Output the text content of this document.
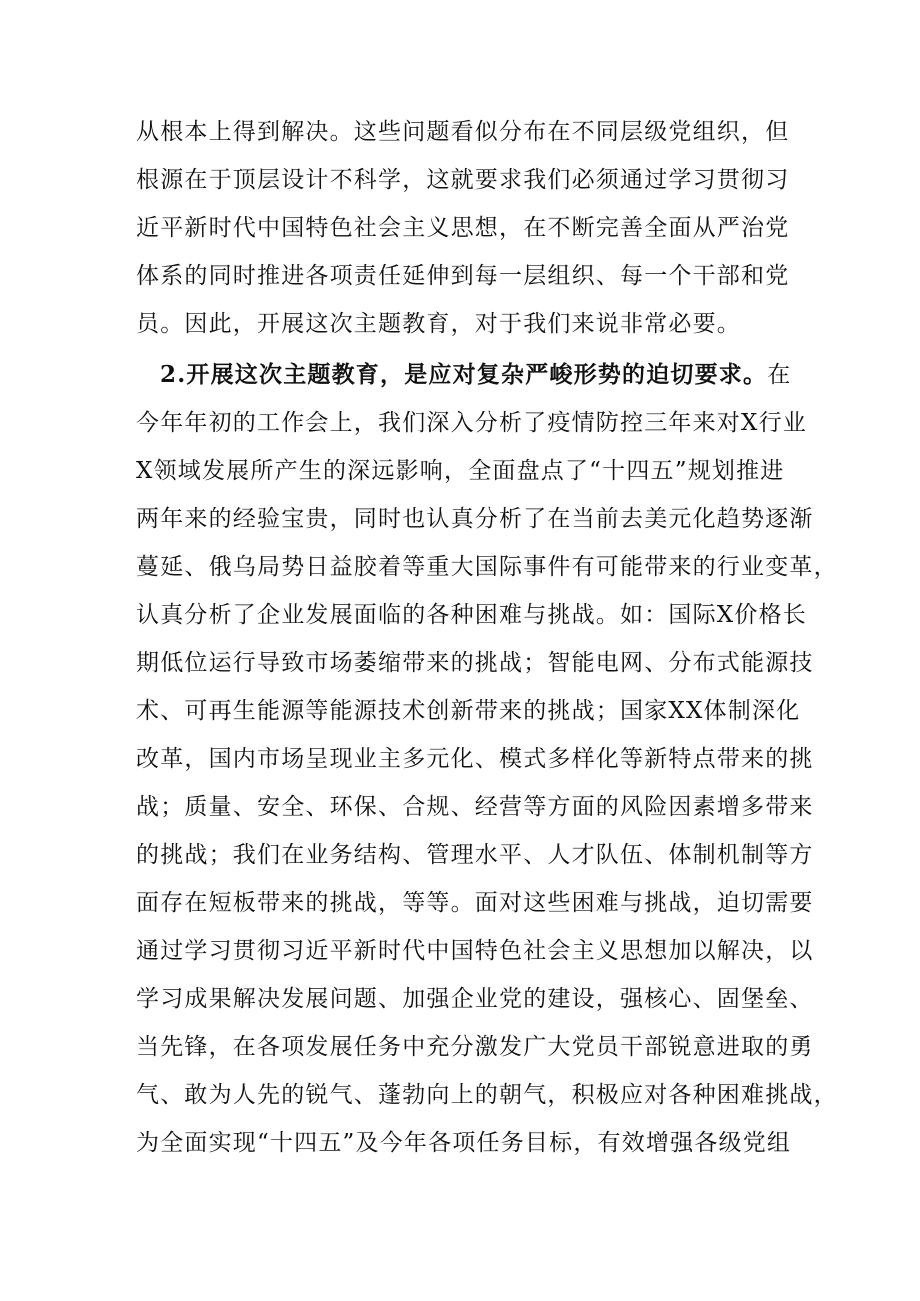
从根本上得到解决。这些问题看似分布在不同层级党组织，但
根源在于顶层设计不科学，这就要求我们必须通过学习贯彻习
近平新时代中国特色社会主义思想，在不断完善全面从严治党
体系的同时推进各项责任延伸到每一层组织、每一个干部和党
员。因此，开展这次主题教育，对于我们来说非常必要。
2.开展这次主题教育，是应对复杂严峻形势的迫切要求。在
今年年初的工作会上，我们深入分析了疫情防控三年来对X行业
X领域发展所产生的深远影响，全面盘点了“十四五”规划推进
两年来的经验宝贵，同时也认真分析了在当前去美元化趋势逐渐
蔓延、俄乌局势日益胶着等重大国际事件有可能带来的行业变革，
认真分析了企业发展面临的各种困难与挑战。如：国际X价格长
期低位运行导致市场萎缩带来的挑战；智能电网、分布式能源技
术、可再生能源等能源技术创新带来的挑战；国家XX体制深化
改革，国内市场呈现业主多元化、模式多样化等新特点带来的挑
战；质量、安全、环保、合规、经营等方面的风险因素增多带来
的挑战；我们在业务结构、管理水平、人才队伍、体制机制等方
面存在短板带来的挑战，等等。面对这些困难与挑战，迫切需要
通过学习贯彻习近平新时代中国特色社会主义思想加以解决，以
学习成果解决发展问题、加强企业党的建设，强核心、固堡垒、
当先锋，在各项发展任务中充分激发广大党员干部锐意进取的勇
气、敢为人先的锐气、蓬勃向上的朝气，积极应对各种困难挑战，
为全面实现“十四五”及今年各项任务目标，有效增强各级党组
